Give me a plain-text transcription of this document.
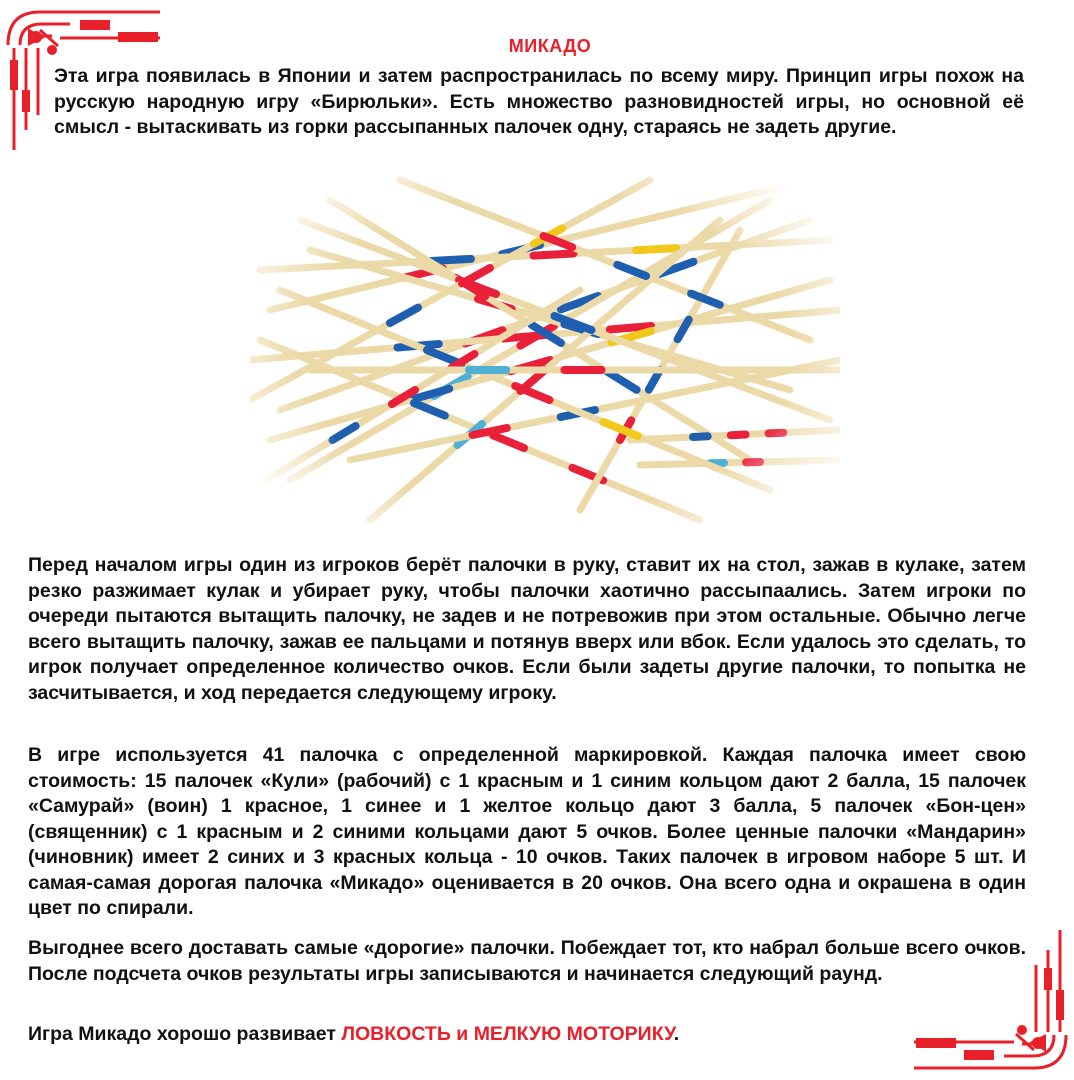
МИКАДО

Эта игра появилась в Японии и затем распространилась по всему миру. Принцип игры похож на русскую народную игру «Бирюльки». Есть множество разновидностей игры, но основной её смысл - вытаскивать из горки рассыпанных палочек одну, стараясь не задеть другие.

Перед началом игры один из игроков берёт палочки в руку, ставит их на стол, зажав в кулаке, затем резко разжимает кулак и убирает руку, чтобы палочки хаотично рассыпаались. Затем игроки по очереди пытаются вытащить палочку, не задев и не потревожив при этом остальные. Обычно легче всего вытащить палочку, зажав ее пальцами и потянув вверх или вбок. Если удалось это сделать, то игрок получает определенное количество очков. Если были задеты другие палочки, то попытка не засчитывается, и ход передается следующему игроку.

В игре используется 41 палочка с определенной маркировкой. Каждая палочка имеет свою стоимость: 15 палочек «Кули» (рабочий) с 1 красным и 1 синим кольцом дают 2 балла, 15 палочек «Самурай» (воин) 1 красное, 1 синее и 1 желтое кольцо дают 3 балла, 5 палочек «Бон-цен» (священник) с 1 красным и 2 синими кольцами дают 5 очков. Более ценные палочки «Мандарин» (чиновник) имеет 2 синих и 3 красных кольца - 10 очков. Таких палочек в игровом наборе 5 шт. И самая-самая дорогая палочка «Микадо» оценивается в 20 очков. Она всего одна и окрашена в один цвет по спирали.

Выгоднее всего доставать самые «дорогие» палочки. Побеждает тот, кто набрал больше всего очков. После подсчета очков результаты игры записываются и начинается следующий раунд.

Игра Микадо хорошо развивает ЛОВКОСТЬ и МЕЛКУЮ МОТОРИКУ.
